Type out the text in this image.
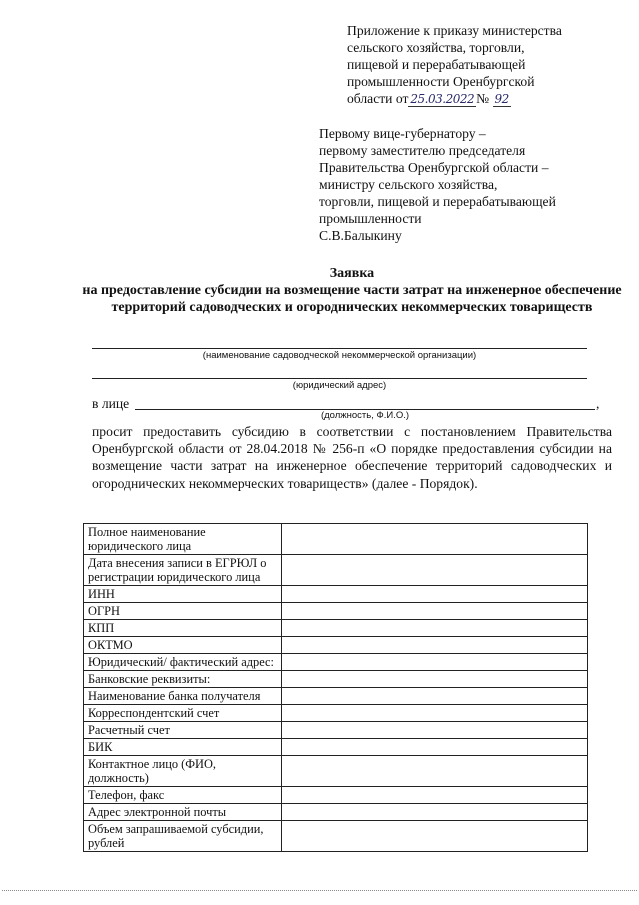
Приложение к приказу министерства
сельского хозяйства, торговли,
пищевой и перерабатывающей
промышленности Оренбургской
области от 25.03.2022 № 92
Первому вице-губернатору –
первому заместителю председателя
Правительства Оренбургской области –
министру сельского хозяйства,
торговли, пищевой и перерабатывающей
промышленности
С.В.Балыкину
Заявка
на предоставление субсидии на возмещение части затрат на инженерное обеспечение территорий садоводческих и огороднических некоммерческих товариществ
(наименование садоводческой некоммерческой организации)
(юридический адрес)
в лице	,
(должность, Ф.И.О.)
просит предоставить субсидию в соответствии с постановлением Правительства Оренбургской области от 28.04.2018 № 256-п «О порядке предоставления субсидии на возмещение части затрат на инженерное обеспечение территорий садоводческих и огороднических некоммерческих товариществ» (далее - Порядок).
Полное наименование юридического лица	
Дата внесения записи в ЕГРЮЛ о регистрации юридического лица	
ИНН	
ОГРН	
КПП	
ОКТМО	
Юридический/ фактический адрес:	
Банковские реквизиты:	
Наименование банка получателя	
Корреспондентский счет	
Расчетный счет	
БИК	
Контактное лицо (ФИО, должность)	
Телефон, факс	
Адрес электронной почты	
Объем запрашиваемой субсидии, рублей	
